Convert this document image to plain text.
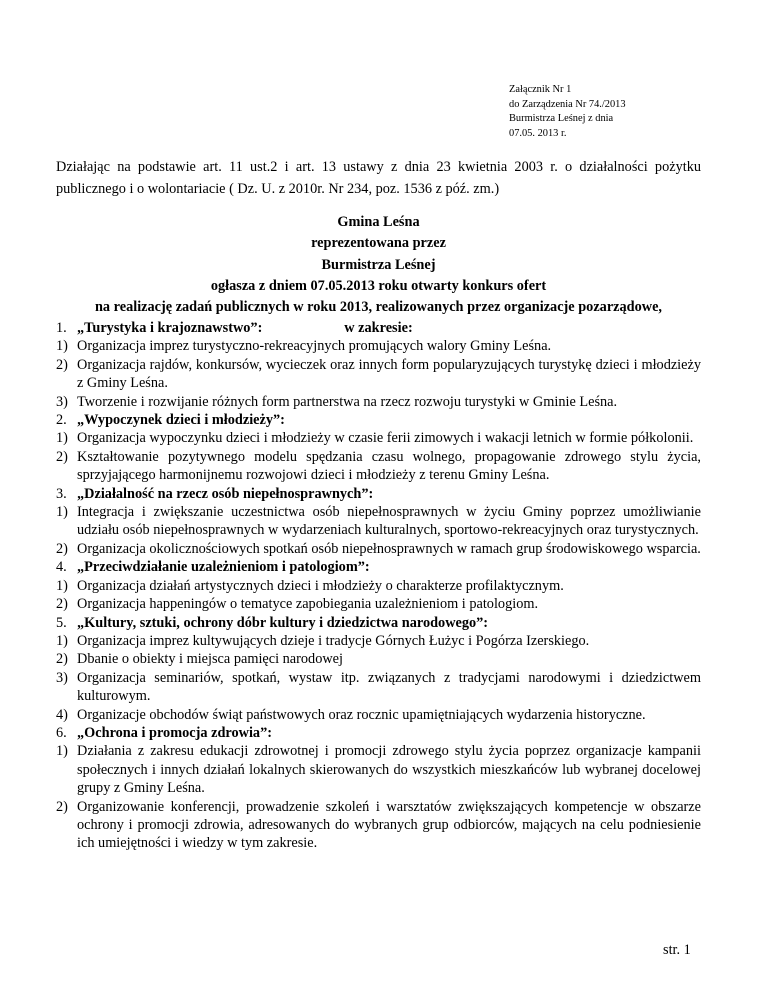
Załącznik Nr 1
do Zarządzenia Nr 74./2013
Burmistrza Leśnej z dnia
07.05. 2013 r.
Działając na podstawie art. 11 ust.2 i art. 13 ustawy z dnia 23 kwietnia 2003 r. o działalności pożytku publicznego i o wolontariacie ( Dz. U. z 2010r. Nr 234, poz. 1536 z póź. zm.)
Gmina Leśna
reprezentowana przez
Burmistrza Leśnej
ogłasza z dniem 07.05.2013 roku otwarty konkurs ofert
na realizację zadań publicznych w roku 2013, realizowanych przez organizacje pozarządowe,
w zakresie:
1. „Turystyka i krajoznawstwo”:
1) Organizacja imprez turystyczno-rekreacyjnych promujących walory Gminy Leśna.
2) Organizacja rajdów, konkursów, wycieczek oraz innych form popularyzujących turystykę dzieci i młodzieży z Gminy Leśna.
3) Tworzenie i rozwijanie różnych form partnerstwa na rzecz rozwoju turystyki w Gminie Leśna.
2. „Wypoczynek dzieci i młodzieży”:
1) Organizacja wypoczynku dzieci i młodzieży w czasie ferii zimowych i wakacji letnich w formie półkolonii.
2) Kształtowanie pozytywnego modelu spędzania czasu wolnego, propagowanie zdrowego stylu życia, sprzyjającego harmonijnemu rozwojowi dzieci i młodzieży z terenu Gminy Leśna.
3. „Działalność na rzecz osób niepełnosprawnych”:
1) Integracja i zwiększanie uczestnictwa osób niepełnosprawnych w życiu Gminy poprzez umożliwianie udziału osób niepełnosprawnych w wydarzeniach kulturalnych, sportowo-rekreacyjnych oraz turystycznych.
2) Organizacja okolicznościowych spotkań osób niepełnosprawnych w ramach grup środowiskowego wsparcia.
4. „Przeciwdziałanie uzależnieniom i patologiom”:
1) Organizacja działań artystycznych dzieci i młodzieży o charakterze profilaktycznym.
2) Organizacja happeningów o tematyce zapobiegania uzależnieniom i patologiom.
5. „Kultury, sztuki, ochrony dóbr kultury i dziedzictwa narodowego”:
1) Organizacja imprez kultywujących dzieje i tradycje Górnych Łużyc i Pogórza Izerskiego.
2) Dbanie o obiekty i miejsca pamięci narodowej
3) Organizacja seminariów, spotkań, wystaw itp. związanych z tradycjami narodowymi i dziedzictwem kulturowym.
4) Organizacje obchodów świąt państwowych oraz rocznic upamiętniających wydarzenia historyczne.
6. „Ochrona i promocja zdrowia”:
1) Działania z zakresu edukacji zdrowotnej i promocji zdrowego stylu życia poprzez organizacje kampanii społecznych i innych działań lokalnych skierowanych do wszystkich mieszkańców lub wybranej docelowej grupy z Gminy Leśna.
2) Organizowanie konferencji, prowadzenie szkoleń i warsztatów zwiększających kompetencje w obszarze ochrony i promocji zdrowia, adresowanych do wybranych grup odbiorców, mających na celu podniesienie ich umiejętności i wiedzy w tym zakresie.
str. 1
